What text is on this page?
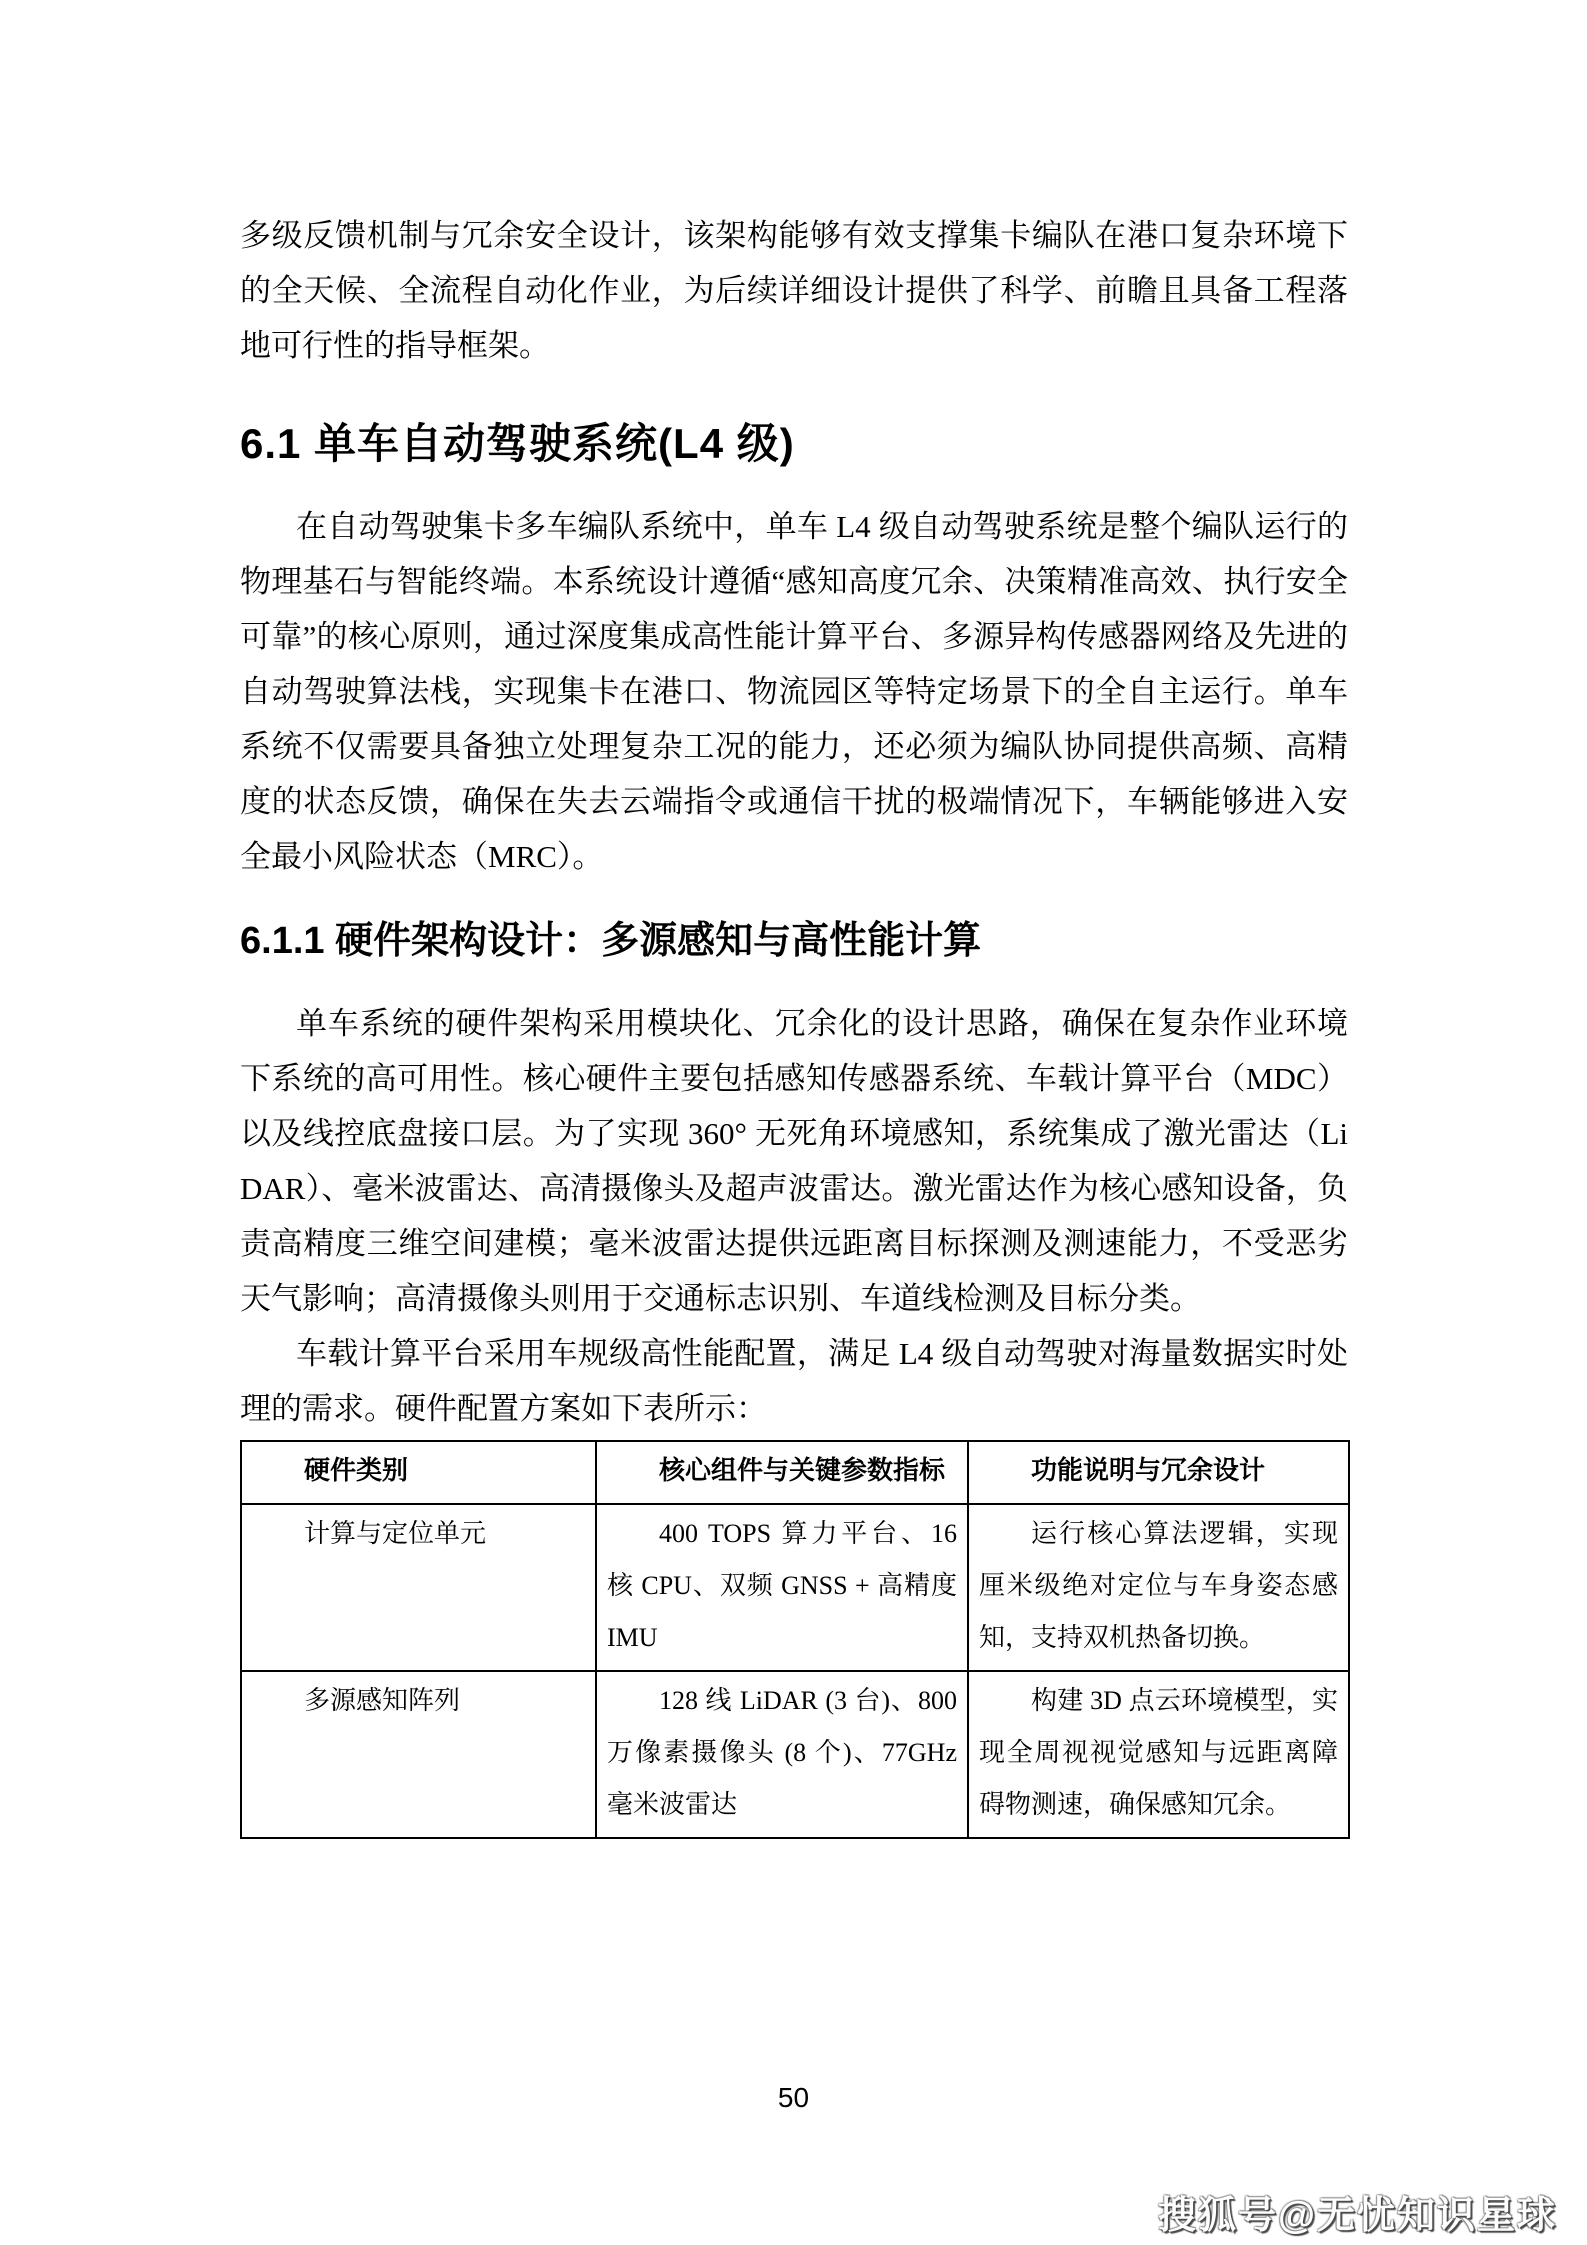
多级反馈机制与冗余安全设计，该架构能够有效支撑集卡编队在港口复杂环境下的全天候、全流程自动化作业，为后续详细设计提供了科学、前瞻且具备工程落地可行性的指导框架。

6.1 单车自动驾驶系统(L4 级)

在自动驾驶集卡多车编队系统中，单车 L4 级自动驾驶系统是整个编队运行的物理基石与智能终端。本系统设计遵循“感知高度冗余、决策精准高效、执行安全可靠”的核心原则，通过深度集成高性能计算平台、多源异构传感器网络及先进的自动驾驶算法栈，实现集卡在港口、物流园区等特定场景下的全自主运行。单车系统不仅需要具备独立处理复杂工况的能力，还必须为编队协同提供高频、高精度的状态反馈，确保在失去云端指令或通信干扰的极端情况下，车辆能够进入安全最小风险状态（MRC）。

6.1.1 硬件架构设计：多源感知与高性能计算

单车系统的硬件架构采用模块化、冗余化的设计思路，确保在复杂作业环境下系统的高可用性。核心硬件主要包括感知传感器系统、车载计算平台（MDC）以及线控底盘接口层。为了实现 360° 无死角环境感知，系统集成了激光雷达（LiDAR）、毫米波雷达、高清摄像头及超声波雷达。激光雷达作为核心感知设备，负责高精度三维空间建模；毫米波雷达提供远距离目标探测及测速能力，不受恶劣天气影响；高清摄像头则用于交通标志识别、车道线检测及目标分类。

车载计算平台采用车规级高性能配置，满足 L4 级自动驾驶对海量数据实时处理的需求。硬件配置方案如下表所示：

硬件类别	核心组件与关键参数指标	功能说明与冗余设计
计算与定位单元	400 TOPS 算力平台、16 核 CPU、双频 GNSS + 高精度 IMU	运行核心算法逻辑，实现厘米级绝对定位与车身姿态感知，支持双机热备切换。
多源感知阵列	128 线 LiDAR (3 台)、800 万像素摄像头 (8 个)、77GHz 毫米波雷达	构建 3D 点云环境模型，实现全周视视觉感知与远距离障碍物测速，确保感知冗余。
50
搜狐号@无忧知识星球
